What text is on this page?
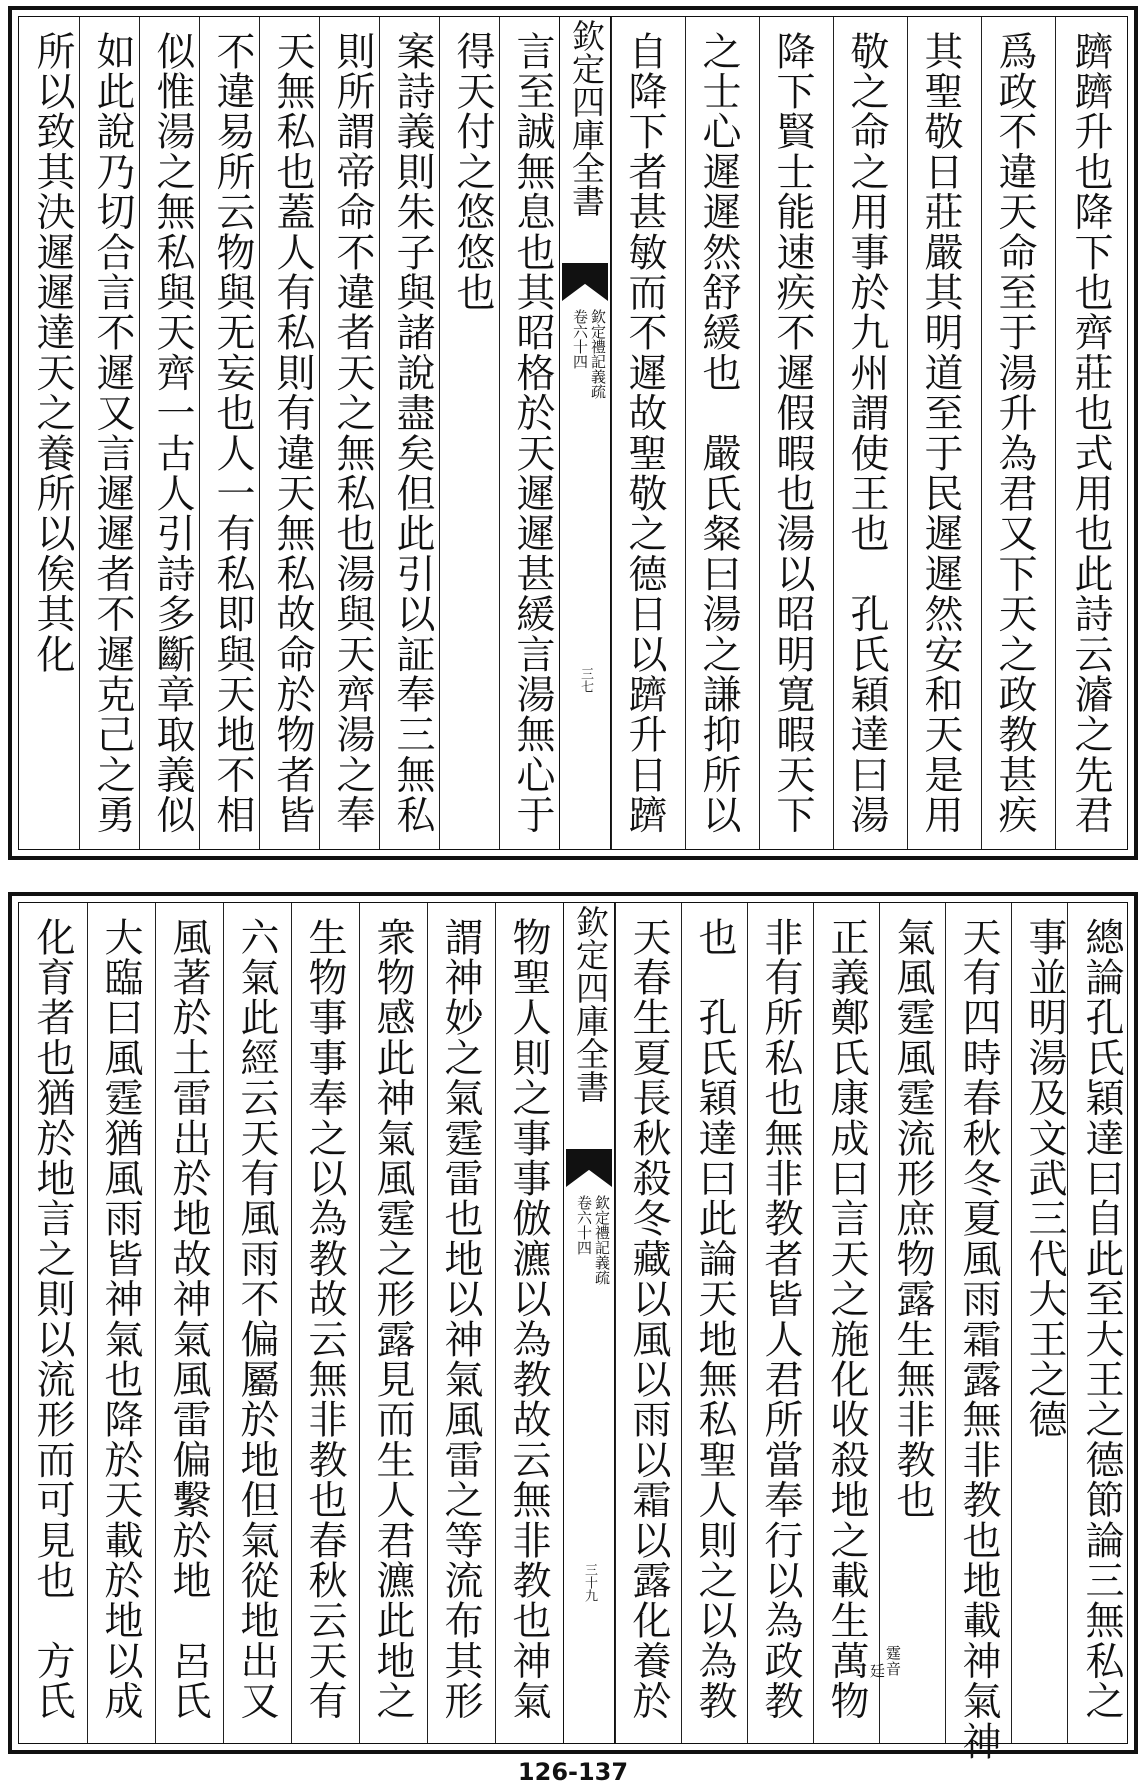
所以致其決遲遲達天之養所以俟其化 如此說乃切合言不遲又言遲遲者不遲克己之勇 似惟湯之無私與天齊一古人引詩多斷章取義似 不違易所云物與无妄也人一有私即與天地不相 天無私也蓋人有私則有違天無私故命於物者皆 則所謂帝命不違者天之無私也湯與天齊湯之奉 案詩義則朱子與諸說盡矣但此引以証奉三無私 得天付之悠悠也 言至誠無息也其昭格於天遲遲甚緩言湯無心于 欽定四庫全書
欽定禮記義疏
卷六十四
三七 自降下者甚敏而不遲故聖敬之德日以躋升日躋 之士心遲遲然舒緩也　嚴氏粲曰湯之謙抑所以 降下賢士能速疾不遲假暇也湯以昭明寛暇天下 敬之命之用事於九州謂使王也　孔氏穎達曰湯 其聖敬日莊嚴其明道至于民遲遲然安和天是用 爲政不違天命至于湯升為君又下天之政教甚疾 躋躋升也降下也齊莊也式用也此詩云𤀹之先君
化育者也猶於地言之則以流形而可見也　方氏 大臨曰風霆猶風雨皆神氣也降於天載於地以成 風著於土雷出於地故神氣風雷偏繫於地　呂氏 六氣此經云天有風雨不偏屬於地但氣從地出又 生物事事奉之以為教故云無非教也春秋云天有 衆物感此神氣風霆之形露見而生人君瀌此地之 謂神妙之氣霆雷也地以神氣風雷之等流布其形 物聖人則之事事倣瀌以為教故云無非教也神氣 欽定四庫全書
欽定禮記義疏
卷六十四
三十九 天春生夏長秋殺冬藏以風以雨以霜以露化養於 也　孔氏穎達曰此論天地無私聖人則之以為教 非有所私也無非教者皆人君所當奉行以為政教 正義鄭氏康成曰言天之施化收殺地之載生萬物 氣風霆風霆流形庶物露生無非教也
霆音
廷 天有四時春秋冬夏風雨霜露無非教也地載神氣神 事並明湯及文武三代大王之德 總論孔氏穎達曰自此至大王之德節論三無私之
126-137
